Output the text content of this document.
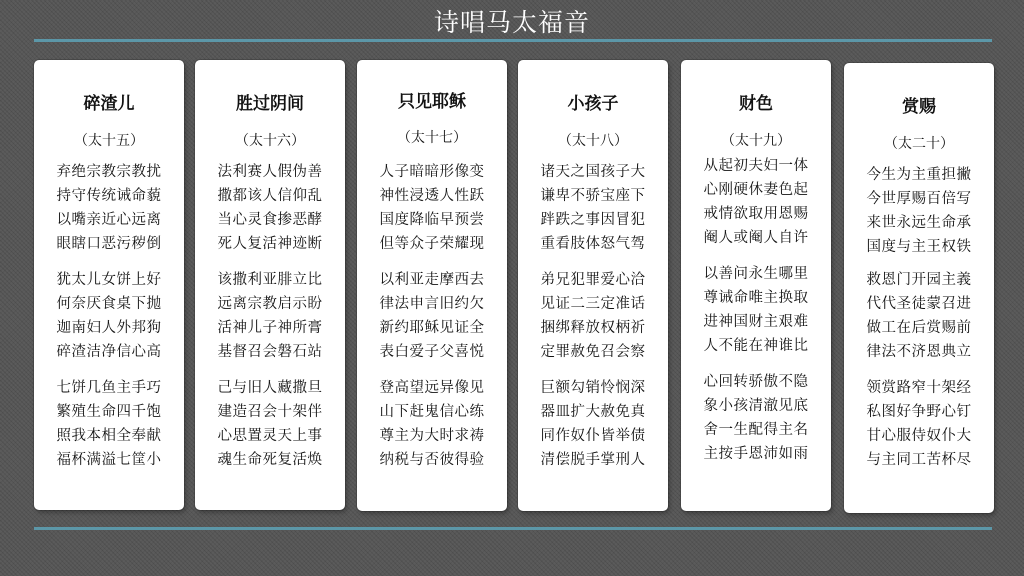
诗唱马太福音
碎渣儿
（太十五）
弃绝宗教宗教扰
持守传统诫命藐
以嘴亲近心远离
眼瞎口恶污秽倒
犹太儿女饼上好
何奈厌食桌下抛
迦南妇人外邦狗
碎渣洁净信心高
七饼几鱼主手巧
繁殖生命四千饱
照我本相全奉献
福杯满溢七筐小
胜过阴间
（太十六）
法利赛人假伪善
撒都该人信仰乱
当心灵食掺恶酵
死人复活神迹断
该撒利亚腓立比
远离宗教启示盼
活神儿子神所膏
基督召会磐石站
己与旧人藏撒旦
建造召会十架伴
心思置灵天上事
魂生命死复活焕
只见耶稣
（太十七）
人子暗暗形像变
神性浸透人性跃
国度降临早预尝
但等众子荣耀现
以利亚走摩西去
律法申言旧约欠
新约耶稣见证全
表白爱子父喜悦
登高望远异像见
山下赶鬼信心练
尊主为大时求祷
纳税与否彼得验
小孩子
（太十八）
诸天之国孩子大
谦卑不骄宝座下
跘跌之事因冒犯
重看肢体怒气驾
弟兄犯罪爱心洽
见证二三定准话
捆绑释放权柄祈
定罪赦免召会察
巨额勾销怜悯深
器皿扩大赦免真
同作奴仆皆举债
清偿脱手掌刑人
财色
（太十九）
从起初夫妇一体
心刚硬休妻色起
戒情欲取用恩赐
阉人或阉人自许
以善问永生哪里
尊诫命唯主换取
进神国财主艰难
人不能在神谁比
心回转骄傲不隐
象小孩清澈见底
舍一生配得主名
主按手恩沛如雨
赏赐
（太二十）
今生为主重担撇
今世厚赐百倍写
来世永远生命承
国度与主王权铁
救恩门开园主義
代代圣徒蒙召进
做工在后赏赐前
律法不济恩典立
领赏路窄十架经
私图好争野心钉
甘心服侍奴仆大
与主同工苦杯尽
